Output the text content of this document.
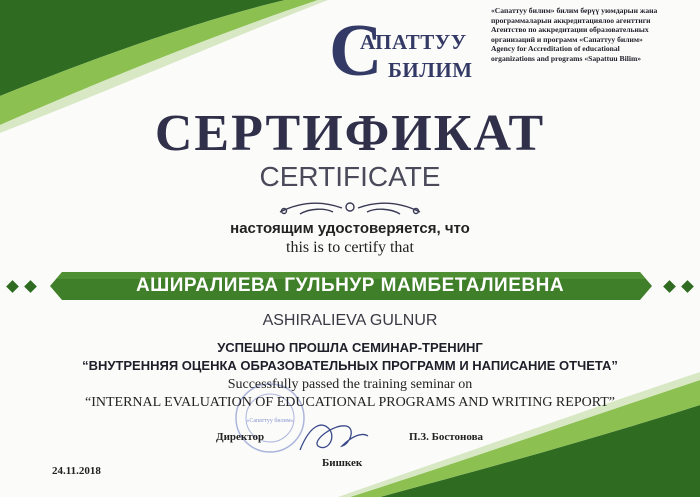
С
АПАТТУУ
БИЛИМ
«Сапаттуу билим» билим берүү уюмдарын жана
программаларын аккредитациялоо агенттиги
Агентство по аккредитации образовательных
организаций и программ «Сапаттуу билим»
Agency for Accreditation of educational
organizations and programs «Sapattuu Bilim»
СЕРТИФИКАТ
CERTIFICATE
настоящим удостоверяется, что
this is to certify that
АШИРАЛИЕВА ГУЛЬНУР МАМБЕТАЛИЕВНА
ASHIRALIEVA GULNUR
УСПЕШНО ПРОШЛА СЕМИНАР-ТРЕНИНГ
“ВНУТРЕННЯЯ ОЦЕНКА ОБРАЗОВАТЕЛЬНЫХ ПРОГРАММ И НАПИСАНИЕ ОТЧЕТА”
Successfully passed the training seminar on
“INTERNAL EVALUATION OF EDUCATIONAL PROGRAMS AND WRITING REPORT”
«Сапаттуу билим»
Директор	П.З. Бостонова
Бишкек
24.11.2018
